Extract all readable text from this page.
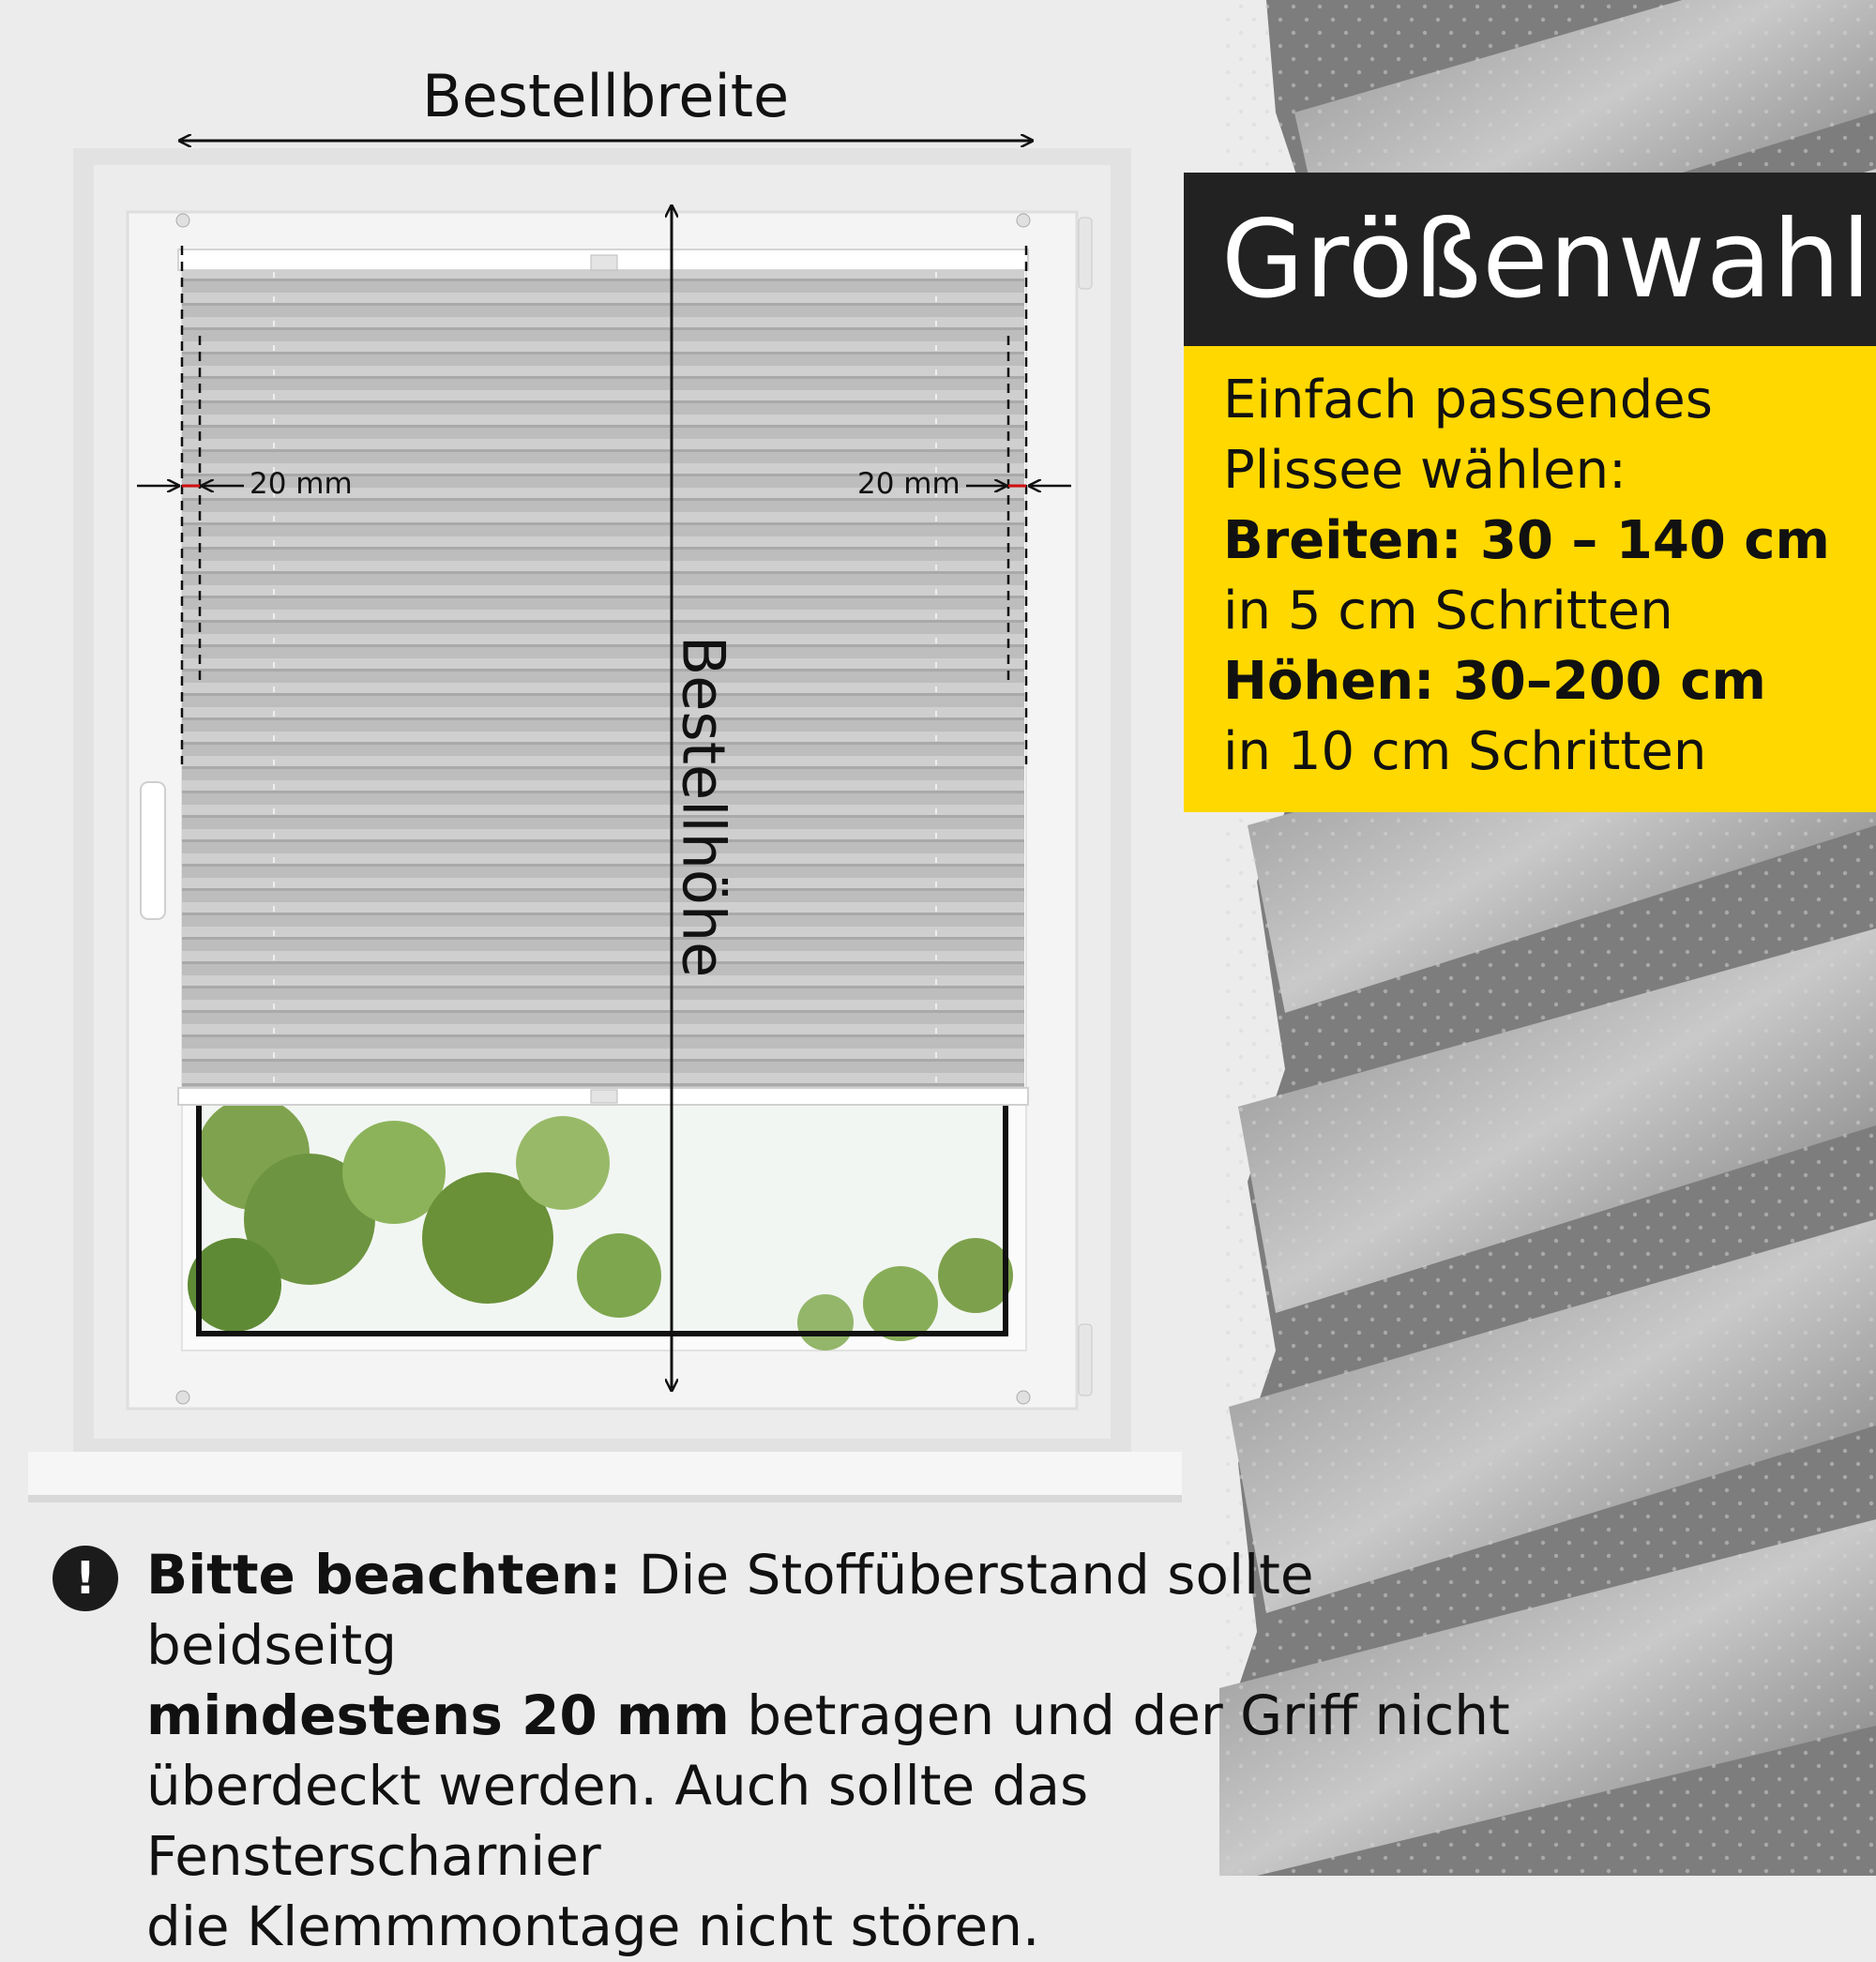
Bestellbreite
Bestellhöhe
20 mm	20 mm
Größenwahl
Einfach passendes
Plissee wählen:
Breiten: 30 – 140 cm
in 5 cm Schritten
Höhen: 30–200 cm
in 10 cm Schritten
! Bitte beachten: Die Stoffüberstand sollte beidseitg
mindestens 20 mm betragen und der Griff nicht
überdeckt werden. Auch sollte das Fensterscharnier
die Klemmmontage nicht stören.
